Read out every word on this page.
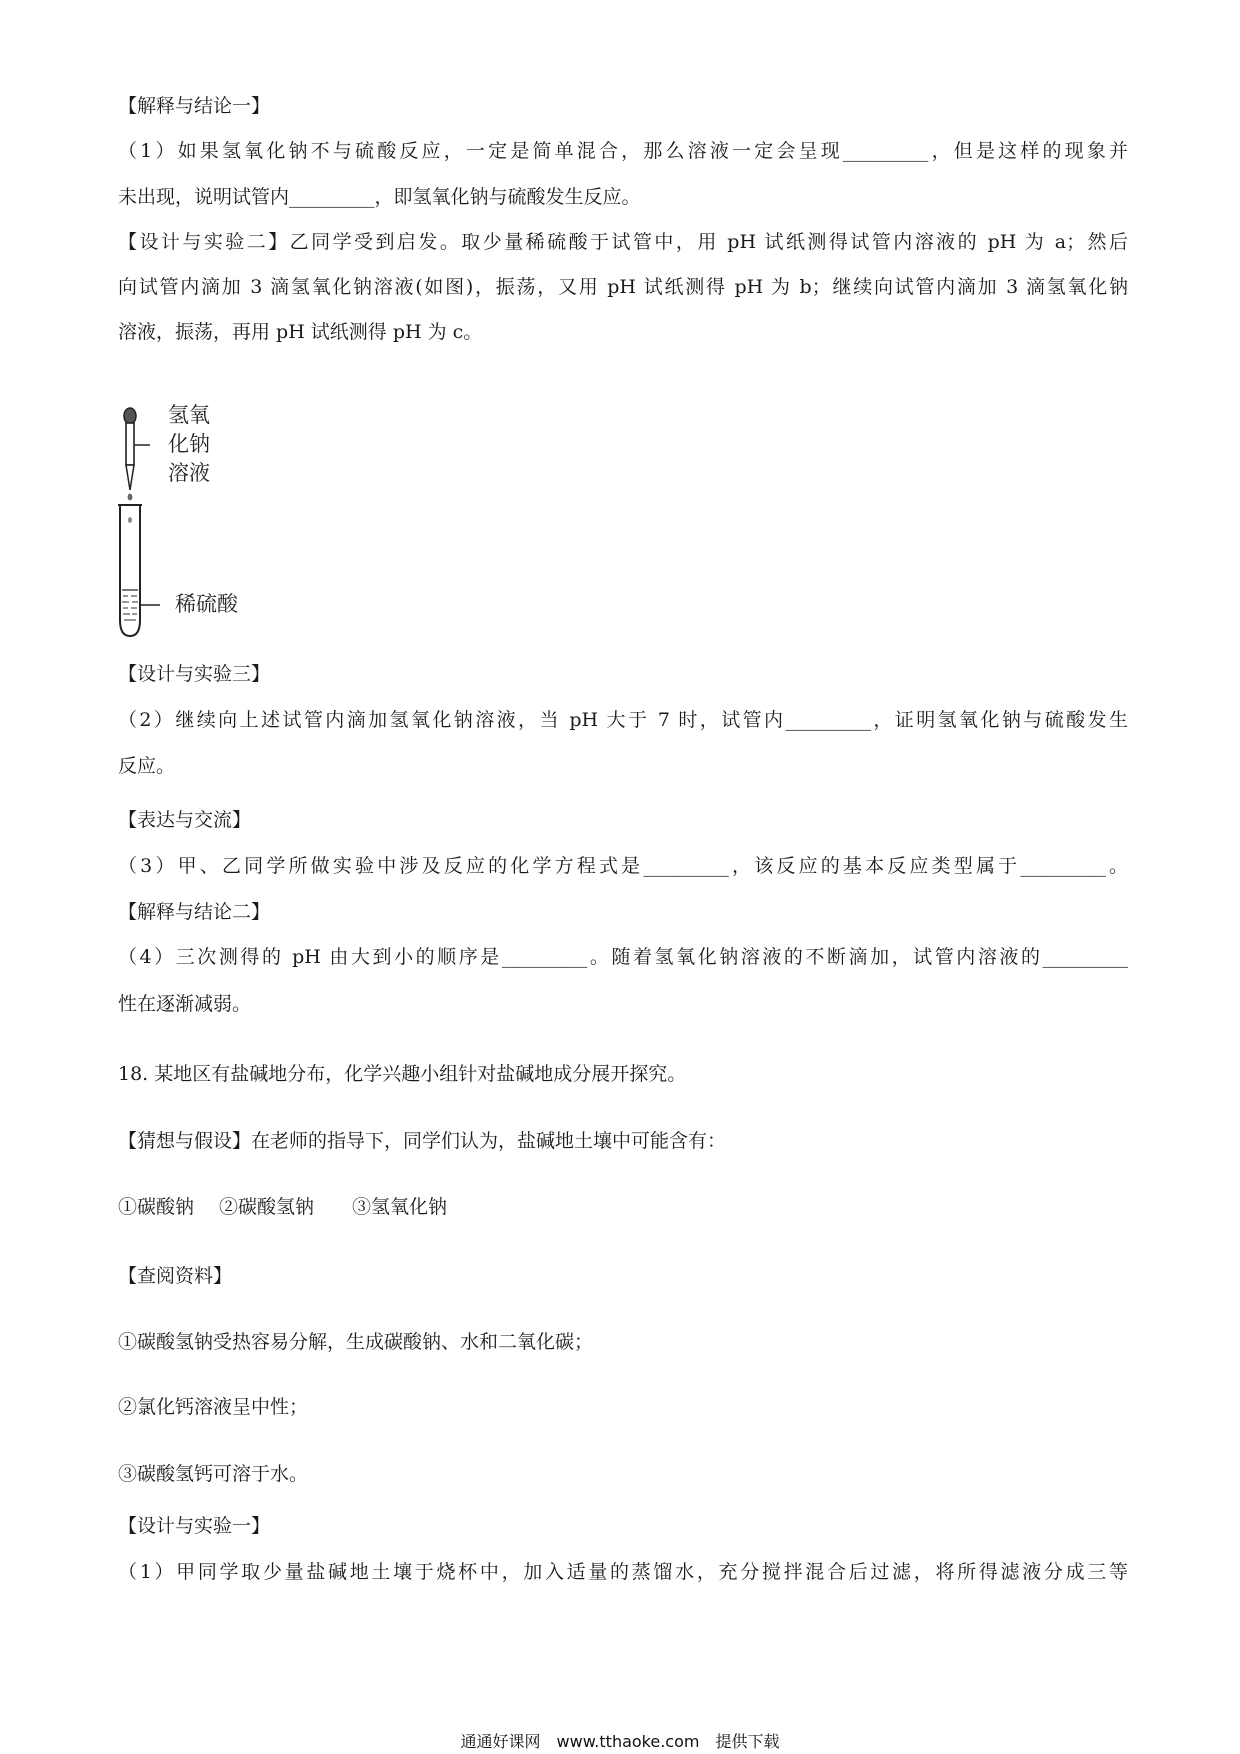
【解释与结论一】
（1）如果氢氧化钠不与硫酸反应，一定是简单混合，那么溶液一定会呈现_________，但是这样的现象并
未出现，说明试管内_________，即氢氧化钠与硫酸发生反应。
【设计与实验二】乙同学受到启发。取少量稀硫酸于试管中，用 pH 试纸测得试管内溶液的 pH 为 a；然后
向试管内滴加 3 滴氢氧化钠溶液(如图)，振荡，又用 pH 试纸测得 pH 为 b；继续向试管内滴加 3 滴氢氧化钠
溶液，振荡，再用 pH 试纸测得 pH 为 c。
氢氧
化钠
溶液
稀硫酸
【设计与实验三】
（2）继续向上述试管内滴加氢氧化钠溶液，当 pH 大于 7 时，试管内_________，证明氢氧化钠与硫酸发生
反应。
【表达与交流】
（3）甲、乙同学所做实验中涉及反应的化学方程式是_________，该反应的基本反应类型属于_________。
【解释与结论二】
（4）三次测得的 pH 由大到小的顺序是_________。随着氢氧化钠溶液的不断滴加，试管内溶液的_________
性在逐渐减弱。
18. 某地区有盐碱地分布，化学兴趣小组针对盐碱地成分展开探究。
【猜想与假设】在老师的指导下，同学们认为，盐碱地土壤中可能含有：
①碳酸钠　 ②碳酸氢钠　　③氢氧化钠
【查阅资料】
①碳酸氢钠受热容易分解，生成碳酸钠、水和二氧化碳；
②氯化钙溶液呈中性；
③碳酸氢钙可溶于水。
【设计与实验一】
（1）甲同学取少量盐碱地土壤于烧杯中，加入适量的蒸馏水，充分搅拌混合后过滤，将所得滤液分成三等
通通好课网　www.tthaoke.com　提供下载
